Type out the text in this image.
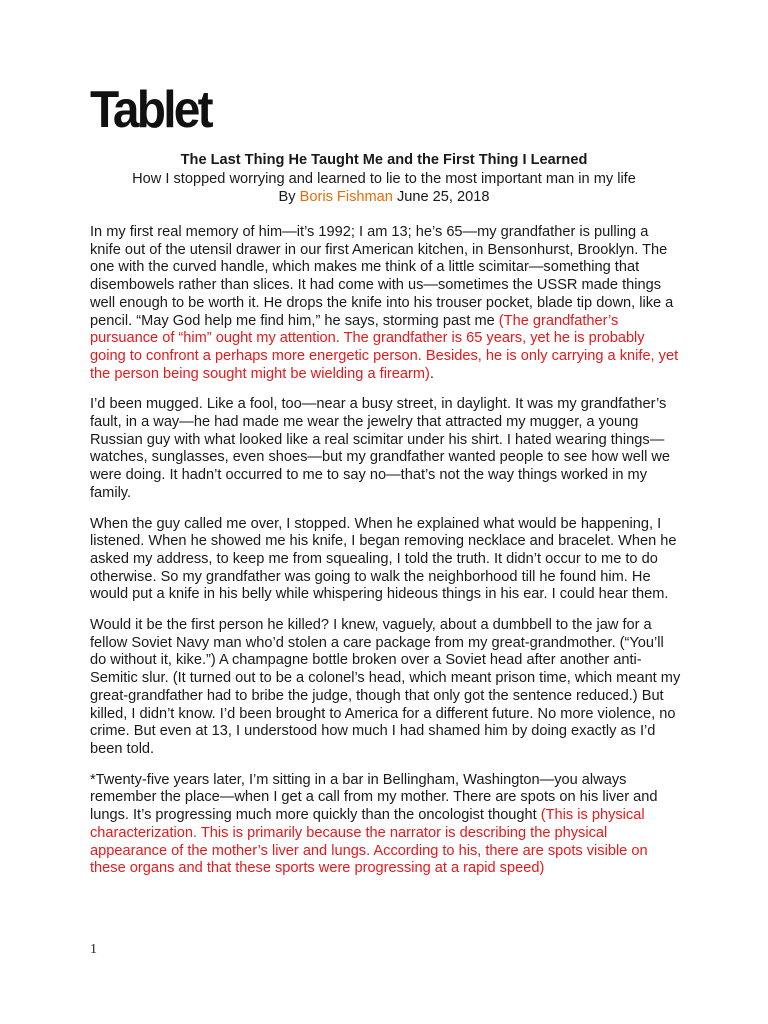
Tablet
The Last Thing He Taught Me and the First Thing I Learned
How I stopped worrying and learned to lie to the most important man in my life
By Boris Fishman June 25, 2018

In my first real memory of him—it’s 1992; I am 13; he’s 65—my grandfather is pulling a knife out of the utensil drawer in our first American kitchen, in Bensonhurst, Brooklyn. The one with the curved handle, which makes me think of a little scimitar—something that disembowels rather than slices. It had come with us—sometimes the USSR made things well enough to be worth it. He drops the knife into his trouser pocket, blade tip down, like a pencil. “May God help me find him,” he says, storming past me (The grandfather’s pursuance of “him” ought my attention. The grandfather is 65 years, yet he is probably going to confront a perhaps more energetic person. Besides, he is only carrying a knife, yet the person being sought might be wielding a firearm).

I’d been mugged. Like a fool, too—near a busy street, in daylight. It was my grandfather’s fault, in a way—he had made me wear the jewelry that attracted my mugger, a young Russian guy with what looked like a real scimitar under his shirt. I hated wearing things—watches, sunglasses, even shoes—but my grandfather wanted people to see how well we were doing. It hadn’t occurred to me to say no—that’s not the way things worked in my family.

When the guy called me over, I stopped. When he explained what would be happening, I listened. When he showed me his knife, I began removing necklace and bracelet. When he asked my address, to keep me from squealing, I told the truth. It didn’t occur to me to do otherwise. So my grandfather was going to walk the neighborhood till he found him. He would put a knife in his belly while whispering hideous things in his ear. I could hear them.

Would it be the first person he killed? I knew, vaguely, about a dumbbell to the jaw for a fellow Soviet Navy man who’d stolen a care package from my great-grandmother. (“You’ll do without it, kike.”) A champagne bottle broken over a Soviet head after another anti-Semitic slur. (It turned out to be a colonel’s head, which meant prison time, which meant my great-grandfather had to bribe the judge, though that only got the sentence reduced.) But killed, I didn’t know. I’d been brought to America for a different future. No more violence, no crime. But even at 13, I understood how much I had shamed him by doing exactly as I’d been told.

*Twenty-five years later, I’m sitting in a bar in Bellingham, Washington—you always remember the place—when I get a call from my mother. There are spots on his liver and lungs. It’s progressing much more quickly than the oncologist thought (This is physical characterization. This is primarily because the narrator is describing the physical appearance of the mother’s liver and lungs. According to his, there are spots visible on these organs and that these sports were progressing at a rapid speed)

1
